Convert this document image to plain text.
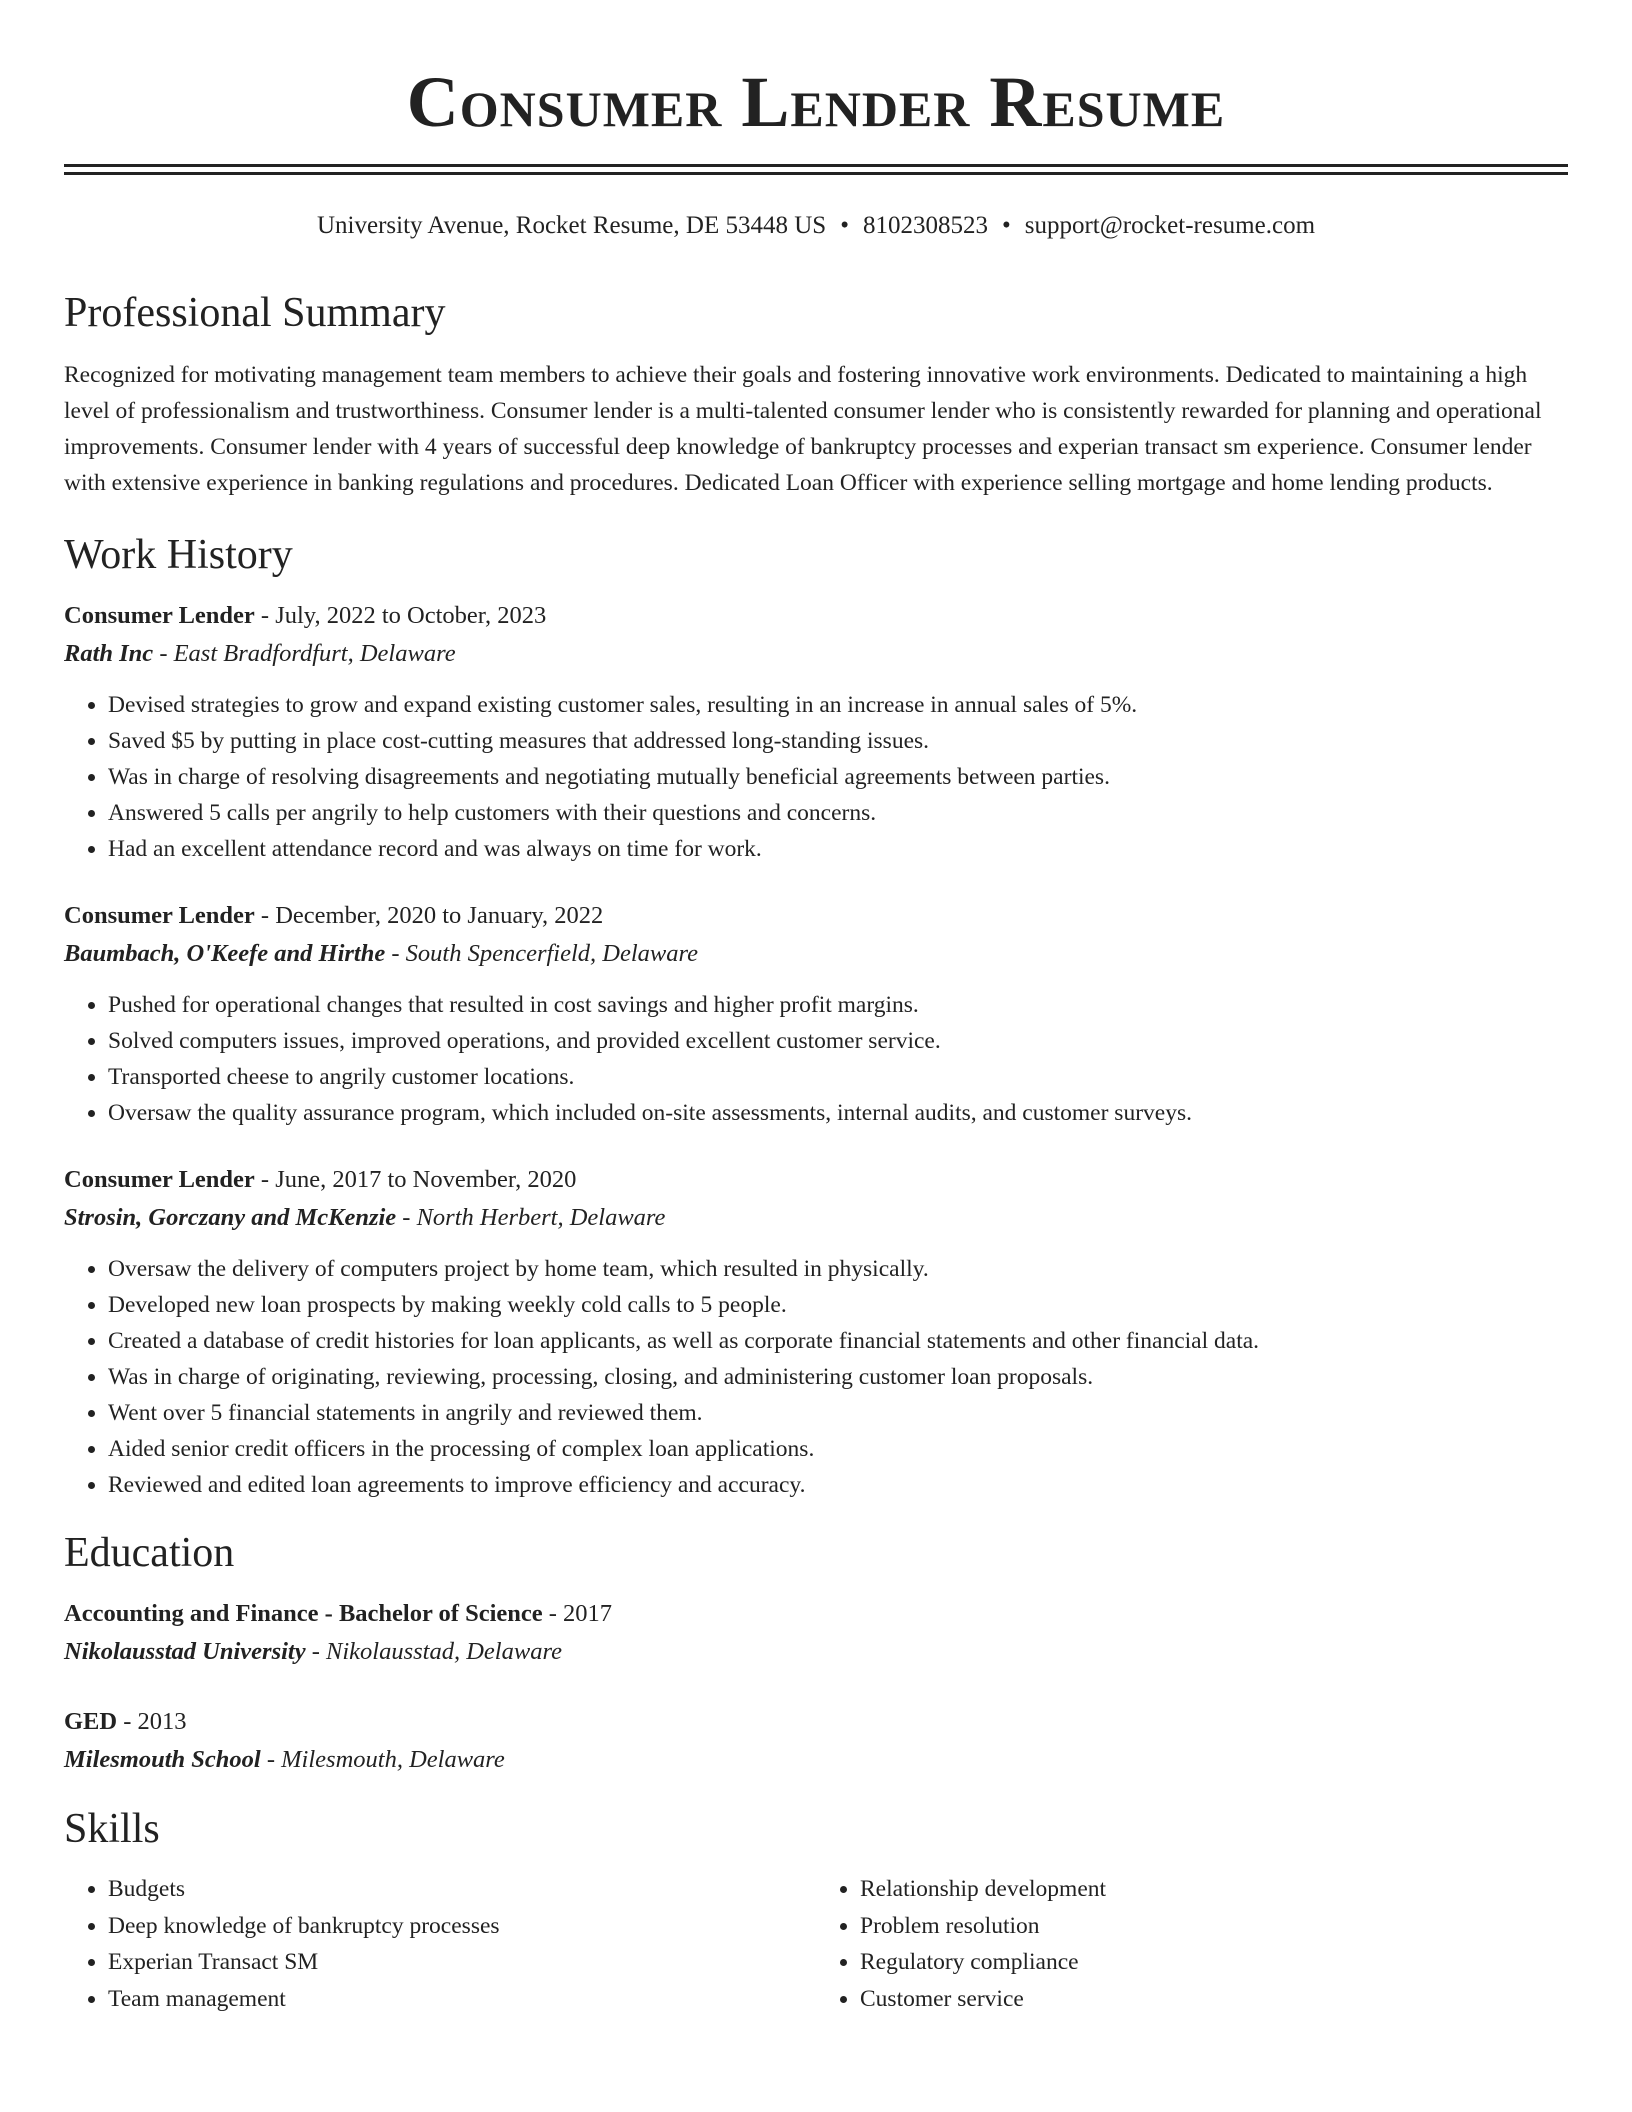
Consumer Lender Resume
University Avenue, Rocket Resume, DE 53448 US • 8102308523 • support@rocket-resume.com
Professional Summary

Recognized for motivating management team members to achieve their goals and fostering innovative work environments. Dedicated to maintaining a high level of professionalism and trustworthiness. Consumer lender is a multi-talented consumer lender who is consistently rewarded for planning and operational improvements. Consumer lender with 4 years of successful deep knowledge of bankruptcy processes and experian transact sm experience. Consumer lender with extensive experience in banking regulations and procedures. Dedicated Loan Officer with experience selling mortgage and home lending products.

Work History
Consumer Lender - July, 2022 to October, 2023
Rath Inc - East Bradfordfurt, Delaware
• Devised strategies to grow and expand existing customer sales, resulting in an increase in annual sales of 5%.
• Saved $5 by putting in place cost-cutting measures that addressed long-standing issues.
• Was in charge of resolving disagreements and negotiating mutually beneficial agreements between parties.
• Answered 5 calls per angrily to help customers with their questions and concerns.
• Had an excellent attendance record and was always on time for work.
Consumer Lender - December, 2020 to January, 2022
Baumbach, O'Keefe and Hirthe - South Spencerfield, Delaware
• Pushed for operational changes that resulted in cost savings and higher profit margins.
• Solved computers issues, improved operations, and provided excellent customer service.
• Transported cheese to angrily customer locations.
• Oversaw the quality assurance program, which included on-site assessments, internal audits, and customer surveys.
Consumer Lender - June, 2017 to November, 2020
Strosin, Gorczany and McKenzie - North Herbert, Delaware
• Oversaw the delivery of computers project by home team, which resulted in physically.
• Developed new loan prospects by making weekly cold calls to 5 people.
• Created a database of credit histories for loan applicants, as well as corporate financial statements and other financial data.
• Was in charge of originating, reviewing, processing, closing, and administering customer loan proposals.
• Went over 5 financial statements in angrily and reviewed them.
• Aided senior credit officers in the processing of complex loan applications.
• Reviewed and edited loan agreements to improve efficiency and accuracy.
Education
Accounting and Finance - Bachelor of Science - 2017
Nikolausstad University - Nikolausstad, Delaware
GED - 2013
Milesmouth School - Milesmouth, Delaware
Skills
• Budgets
• Deep knowledge of bankruptcy processes
• Experian Transact SM
• Team management
• Relationship development
• Problem resolution
• Regulatory compliance
• Customer service
